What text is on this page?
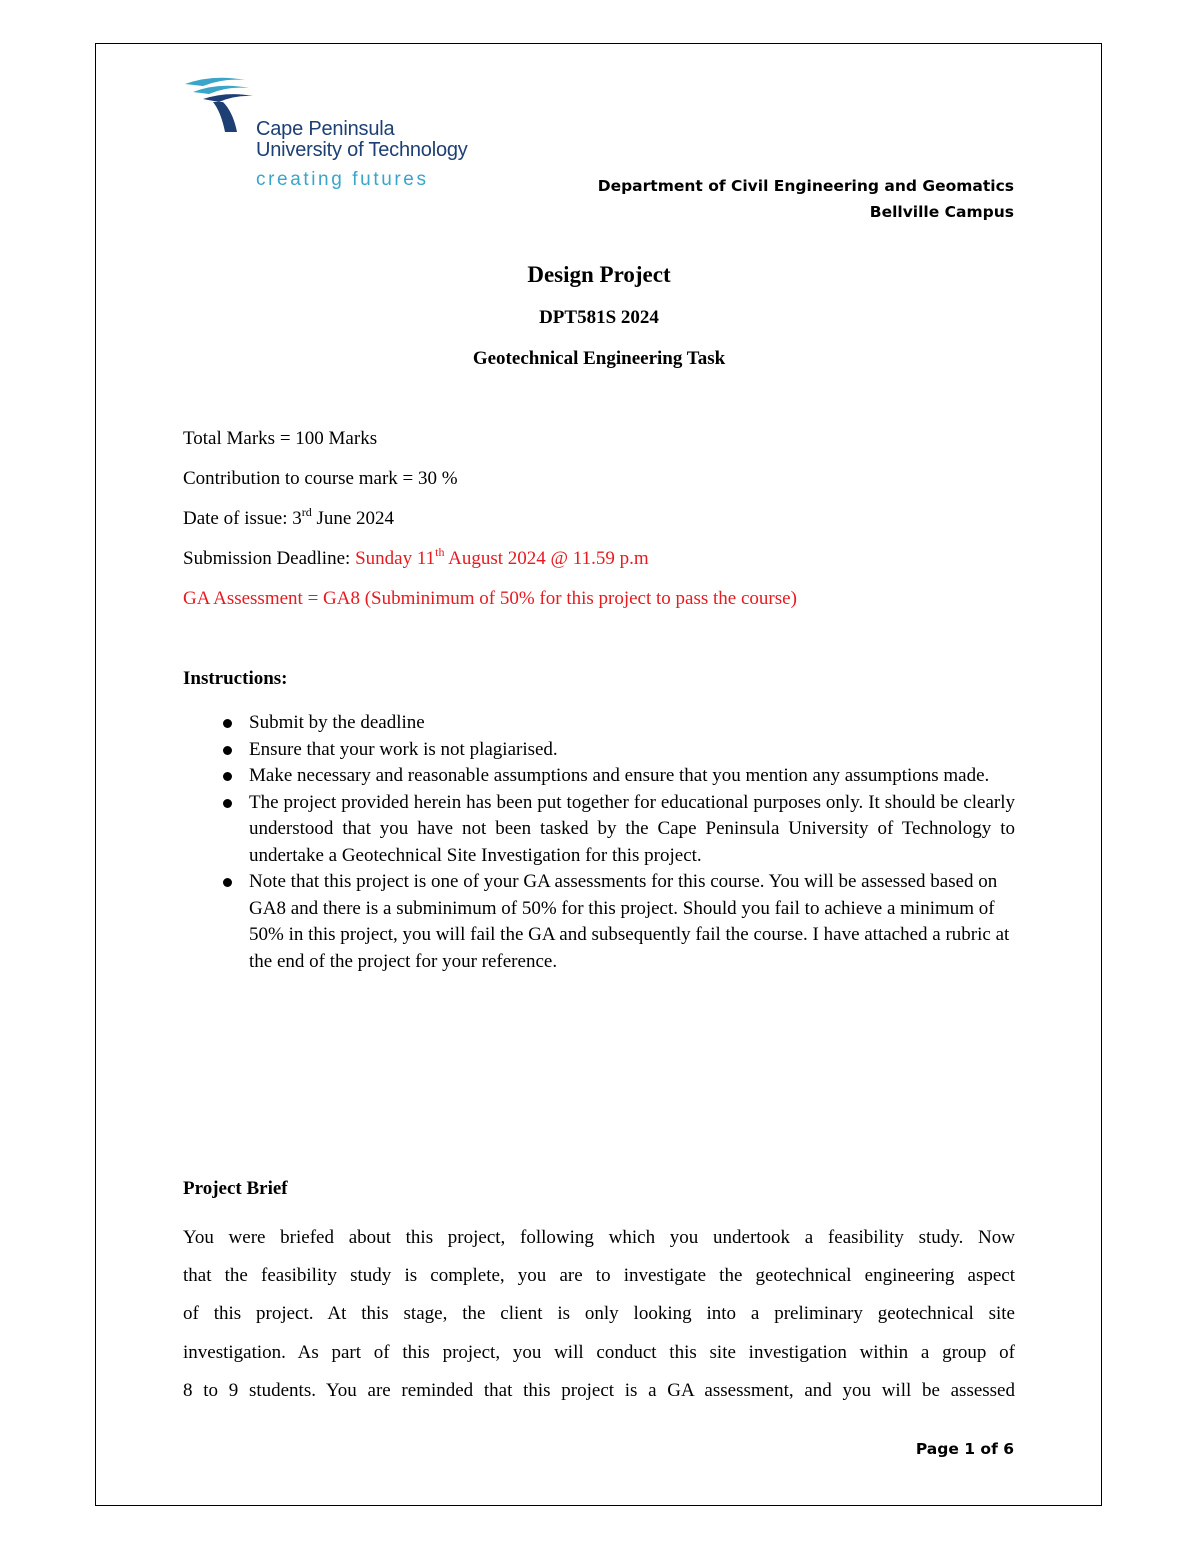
Cape Peninsula
University of Technology
creating futures	Department of Civil Engineering and Geomatics
Bellville Campus
Design Project
DPT581S 2024
Geotechnical Engineering Task
Total Marks = 100 Marks
Contribution to course mark = 30 %
Date of issue: 3rd June 2024
Submission Deadline: Sunday 11th August 2024 @ 11.59 p.m
GA Assessment = GA8 (Subminimum of 50% for this project to pass the course)
Instructions:
Submit by the deadline
Ensure that your work is not plagiarised.
Make necessary and reasonable assumptions and ensure that you mention any assumptions made.
The project provided herein has been put together for educational purposes only. It should be clearly understood that you have not been tasked by the Cape Peninsula University of Technology to undertake a Geotechnical Site Investigation for this project.
Note that this project is one of your GA assessments for this course. You will be assessed based on GA8 and there is a subminimum of 50% for this project. Should you fail to achieve a minimum of 50% in this project, you will fail the GA and subsequently fail the course. I have attached a rubric at the end of the project for your reference.
Project Brief
You were briefed about this project, following which you undertook a feasibility study. Now
that the feasibility study is complete, you are to investigate the geotechnical engineering aspect
of this project. At this stage, the client is only looking into a preliminary geotechnical site
investigation. As part of this project, you will conduct this site investigation within a group of
8 to 9 students. You are reminded that this project is a GA assessment, and you will be assessed
Page 1 of 6
